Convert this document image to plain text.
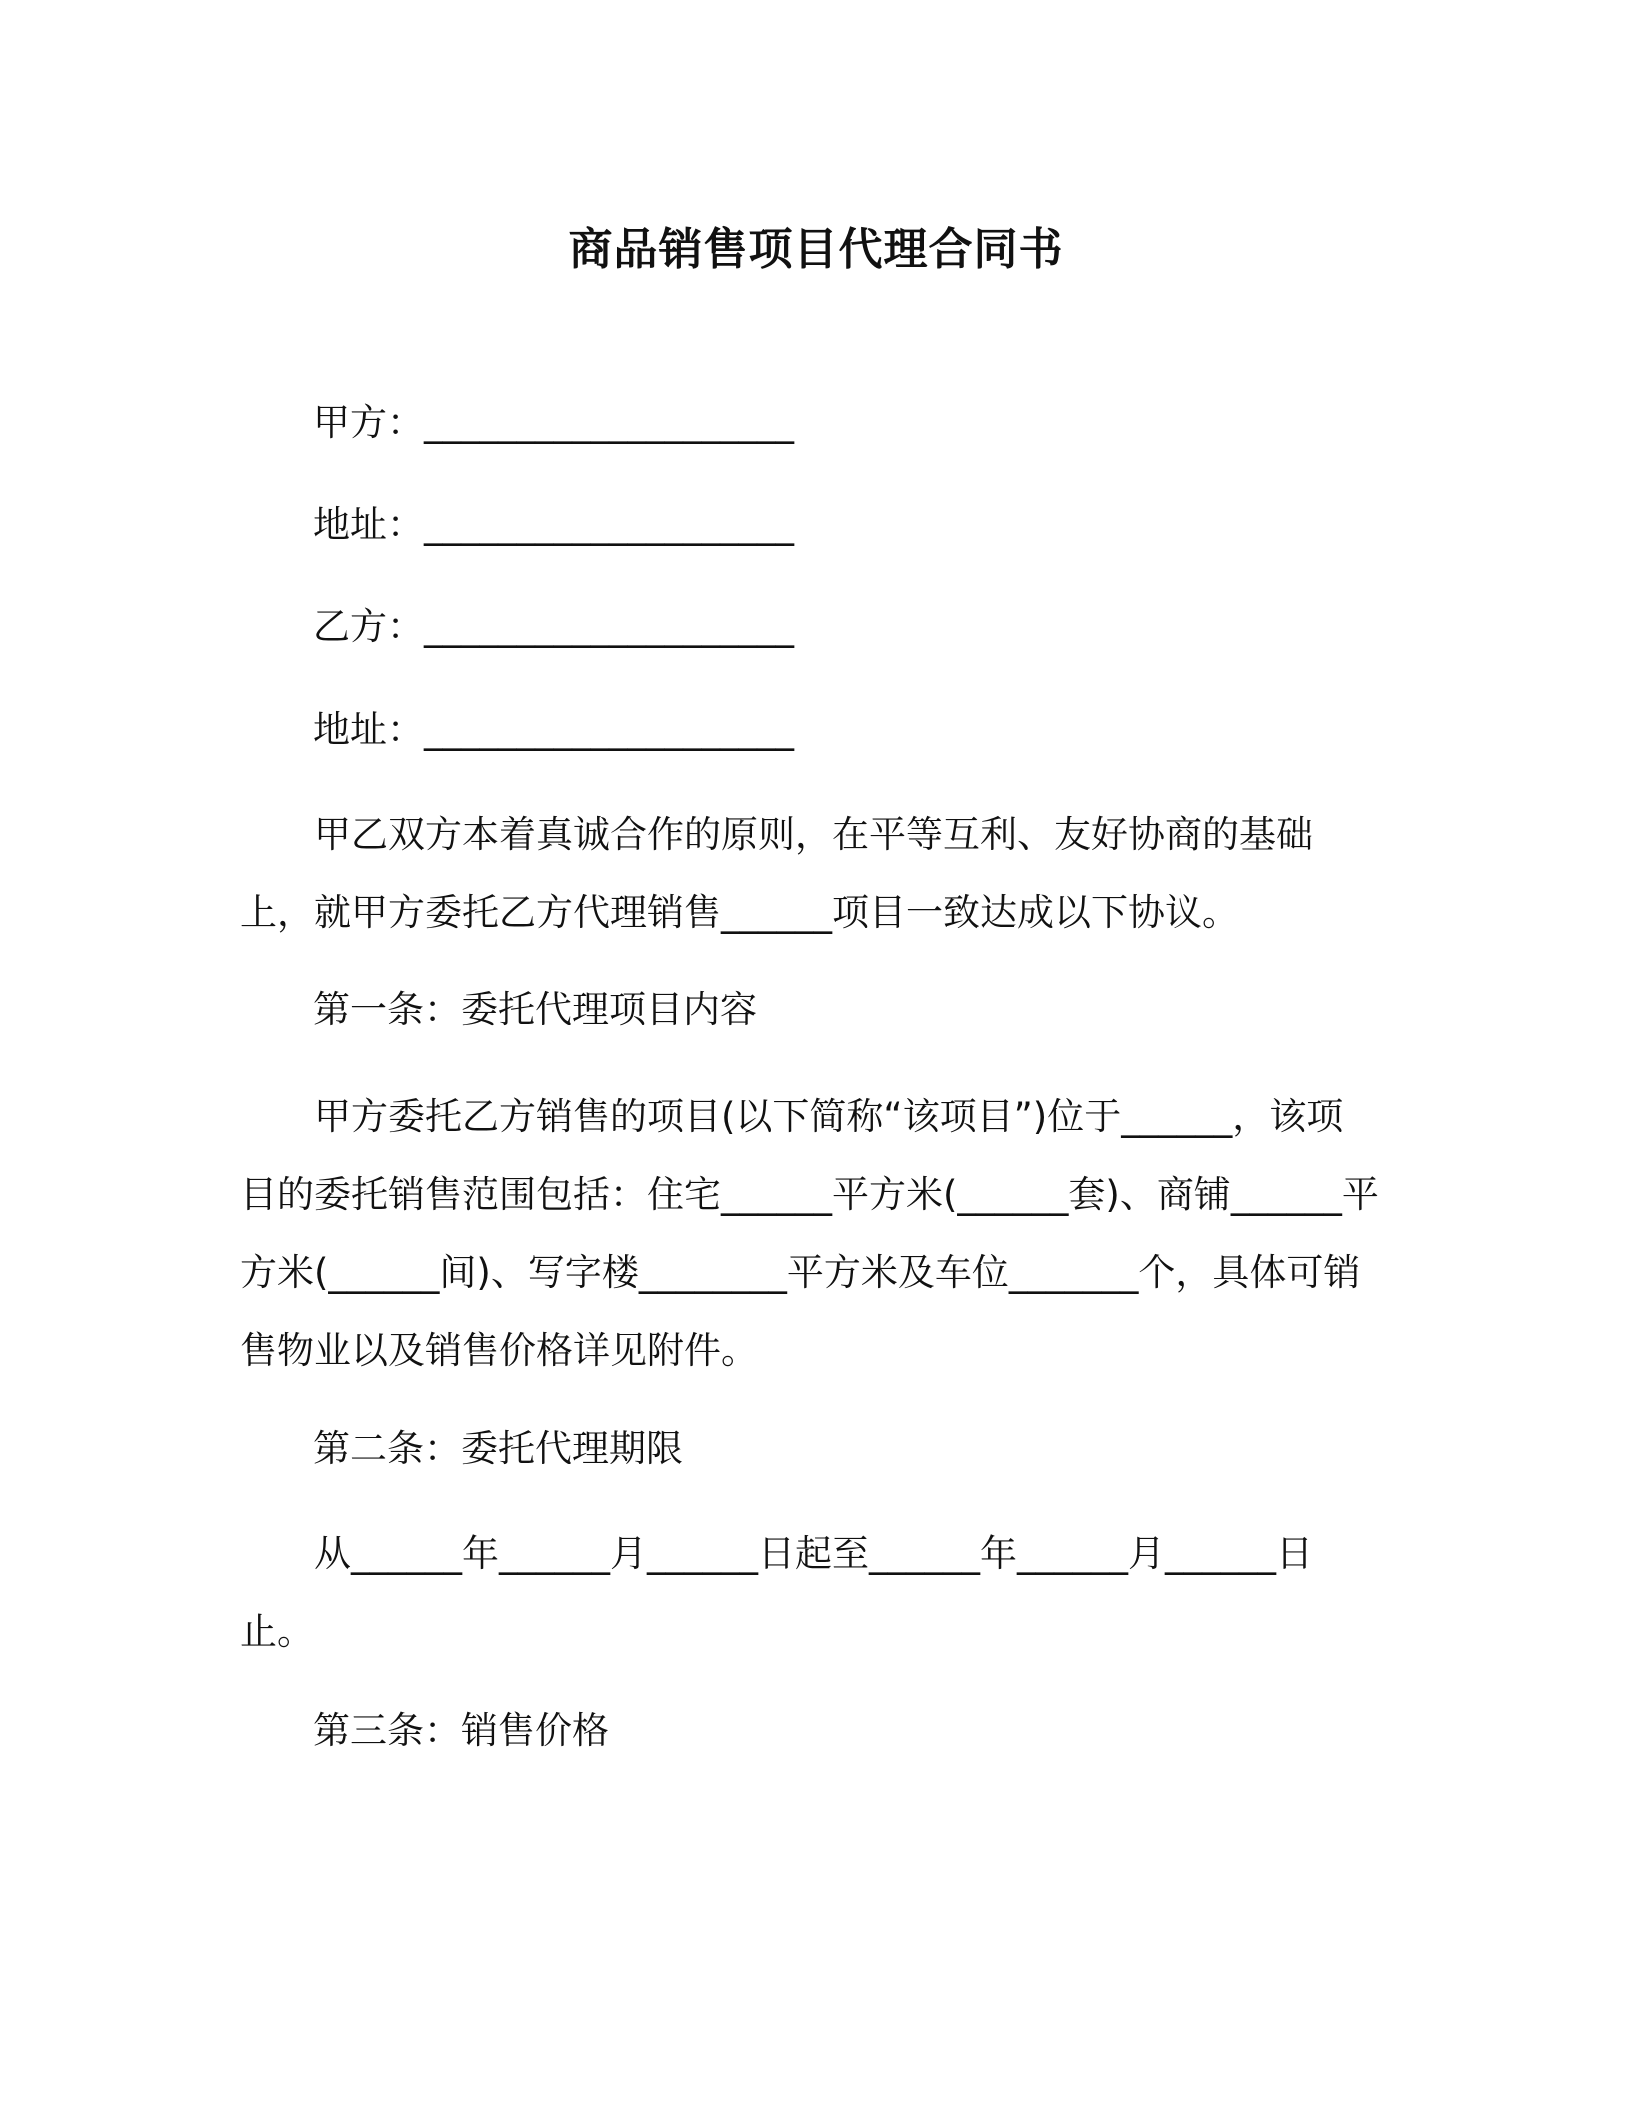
商品销售项目代理合同书
甲方：____________________
地址：____________________
乙方：____________________
地址：____________________

甲乙双方本着真诚合作的原则，在平等互利、友好协商的基础上，就甲方委托乙方代理销售______项目一致达成以下协议。

第一条：委托代理项目内容

甲方委托乙方销售的项目(以下简称“该项目”)位于______，该项目的委托销售范围包括：住宅______平方米(______套)、商铺______平方米(______间)、写字楼________平方米及车位_______个，具体可销售物业以及销售价格详见附件。

第二条：委托代理期限

从______年______月______日起至______年______月______日止。

第三条：销售价格
